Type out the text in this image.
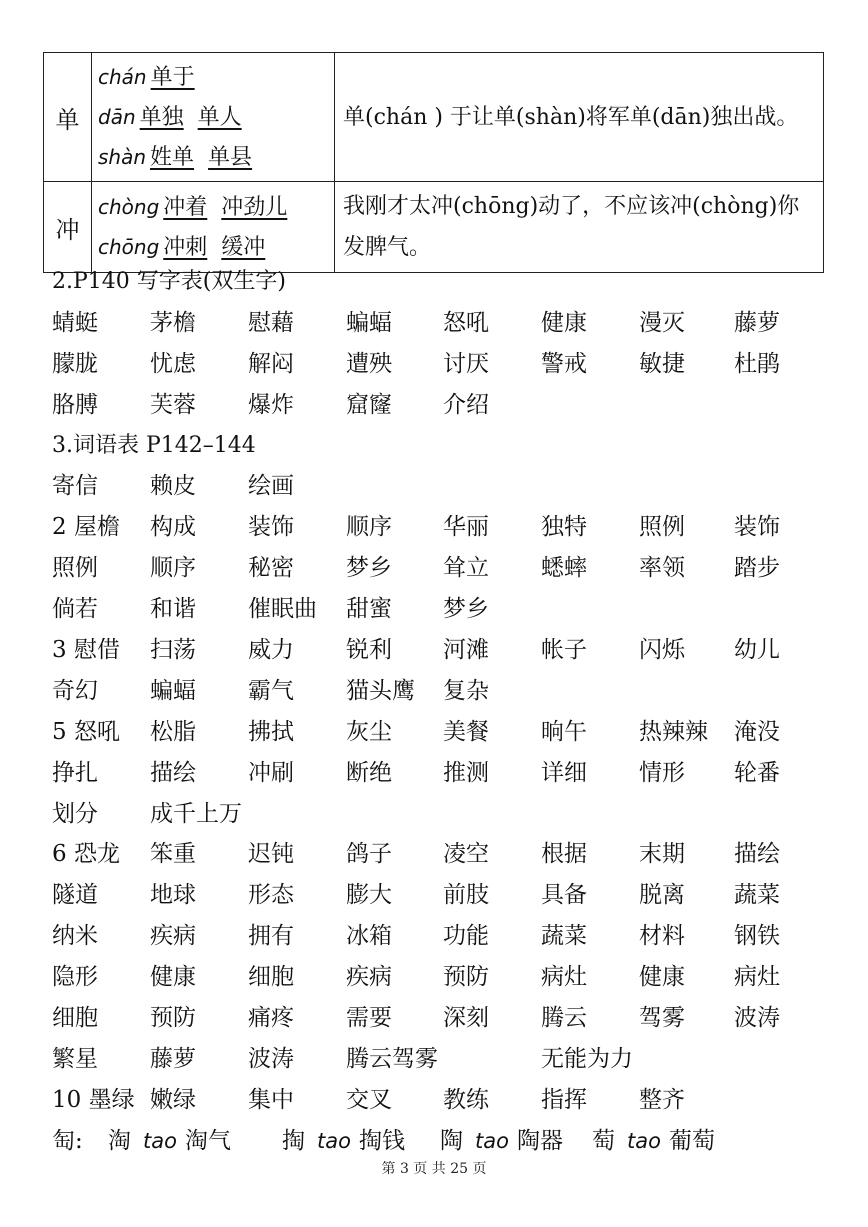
单	chán 单于
dān 单独 单人
shàn 姓单 单县	单(chán ) 于让单(shàn)将军单(dān)独出战。
冲	chòng 冲着 冲劲儿
chōng 冲刺 缓冲	我刚才太冲(chōng)动了，不应该冲(chòng)你发脾气。
2.P140 写字表(双生字)
蜻蜓 茅檐 慰藉 蝙蝠 怒吼 健康 漫灭 藤萝
朦胧 忧虑 解闷 遭殃 讨厌 警戒 敏捷 杜鹃
胳膊 芙蓉 爆炸 窟窿 介绍
3.词语表 P142–144
寄信 赖皮 绘画
2 屋檐 构成 装饰 顺序 华丽 独特 照例 装饰
照例 顺序 秘密 梦乡 耸立 蟋蟀 率领 踏步
倘若 和谐 催眠曲 甜蜜 梦乡
3 慰借 扫荡 威力 锐利 河滩 帐子 闪烁 幼儿
奇幻 蝙蝠 霸气 猫头鹰 复杂
5 怒吼 松脂 拂拭 灰尘 美餐 晌午 热辣辣 淹没
挣扎 描绘 冲刷 断绝 推测 详细 情形 轮番
划分 成千上万
6 恐龙 笨重 迟钝 鸽子 凌空 根据 末期 描绘
隧道 地球 形态 膨大 前肢 具备 脱离 蔬菜
纳米 疾病 拥有 冰箱 功能 蔬菜 材料 钢铁
隐形 健康 细胞 疾病 预防 病灶 健康 病灶
细胞 预防 痛疼 需要 深刻 腾云 驾雾 波涛
繁星 藤萝 波涛 腾云驾雾	无能为力
10 墨绿 嫩绿 集中 交叉 教练 指挥 整齐
匋: 淘 tao 淘气 掏 tao 掏钱 陶 tao 陶器 萄 tao 葡萄
第 3 页 共 25 页
